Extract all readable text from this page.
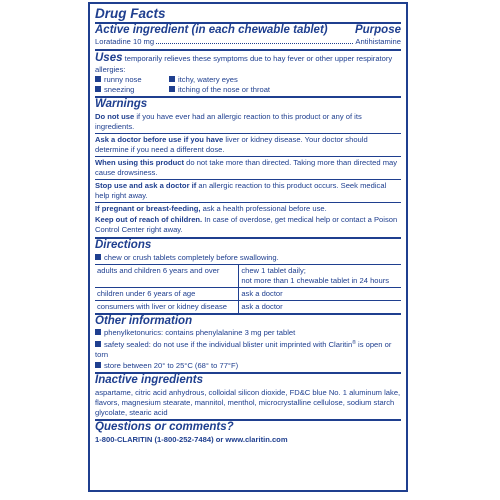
Drug Facts
Active ingredient (in each chewable tablet) Purpose
Loratadine 10 mg	Antihistamine
Uses temporarily relieves these symptoms due to hay fever or other upper respiratory allergies:
runny nose	itchy, watery eyes
sneezing	itching of the nose or throat
Warnings
Do not use if you have ever had an allergic reaction to this product or any of its ingredients.
Ask a doctor before use if you have liver or kidney disease. Your doctor should determine if you need a different dose.
When using this product do not take more than directed. Taking more than directed may cause drowsiness.
Stop use and ask a doctor if an allergic reaction to this product occurs. Seek medical help right away.
If pregnant or breast-feeding, ask a health professional before use.
Keep out of reach of children. In case of overdose, get medical help or contact a Poison Control Center right away.
Directions
chew or crush tablets completely before swallowing.
adults and children 6 years and over	chew 1 tablet daily;
not more than 1 chewable tablet in 24 hours

children under 6 years of age	ask a doctor
consumers with liver or kidney disease	ask a doctor
Other information
phenylketonurics: contains phenylalanine 3 mg per tablet
safety sealed: do not use if the individual blister unit imprinted with Claritin® is open or torn
store between 20° to 25°C (68° to 77°F)
Inactive ingredients
aspartame, citric acid anhydrous, colloidal silicon dioxide, FD&C blue No. 1 aluminum lake, flavors, magnesium stearate, mannitol, menthol, microcrystalline cellulose, sodium starch glycolate, stearic acid
Questions or comments?
1-800-CLARITIN (1-800-252-7484) or www.claritin.com
